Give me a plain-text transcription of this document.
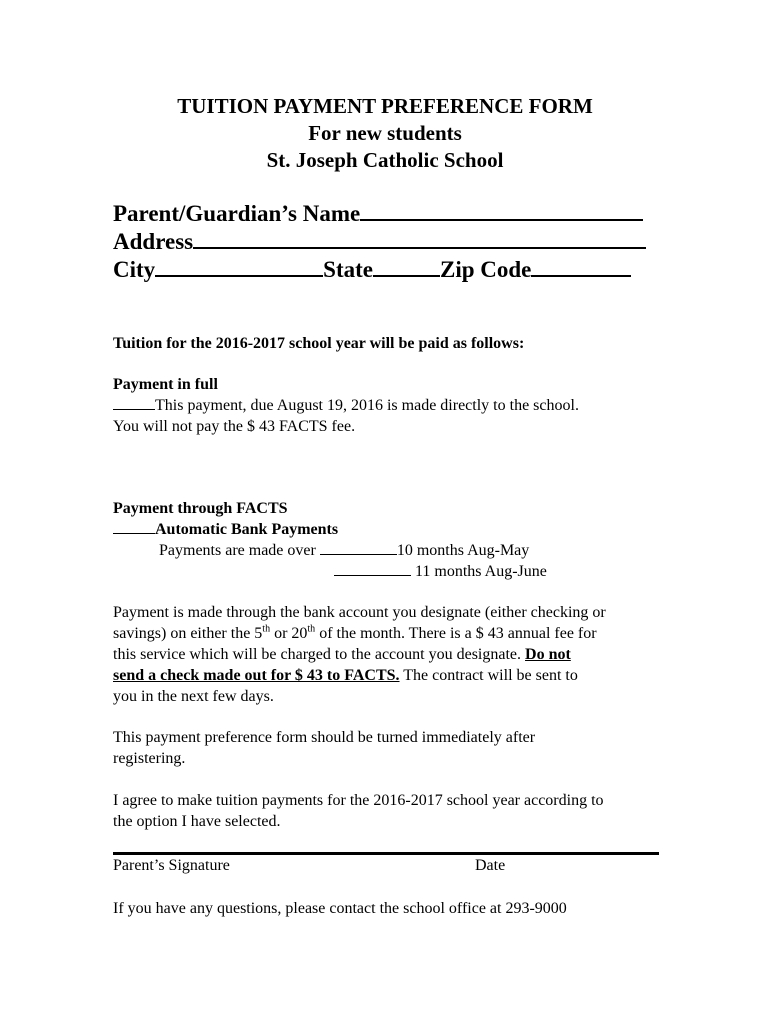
TUITION PAYMENT PREFERENCE FORM
For new students
St. Joseph Catholic School
Parent/Guardian’s Name
Address
City	State	Zip Code
Tuition for the 2016-2017 school year will be paid as follows:
Payment in full
This payment, due August 19, 2016 is made directly to the school.
You will not pay the $ 43 FACTS fee.
Payment through FACTS
Automatic Bank Payments
Payments are made over	10 months Aug-May
11 months Aug-June
Payment is made through the bank account you designate (either checking or
savings) on either the 5th or 20th of the month. There is a $ 43 annual fee for
this service which will be charged to the account you designate. Do not
send a check made out for $ 43 to FACTS. The contract will be sent to
you in the next few days.
This payment preference form should be turned immediately after
registering.
I agree to make tuition payments for the 2016-2017 school year according to
the option I have selected.
Parent’s Signature	Date
If you have any questions, please contact the school office at 293-9000
